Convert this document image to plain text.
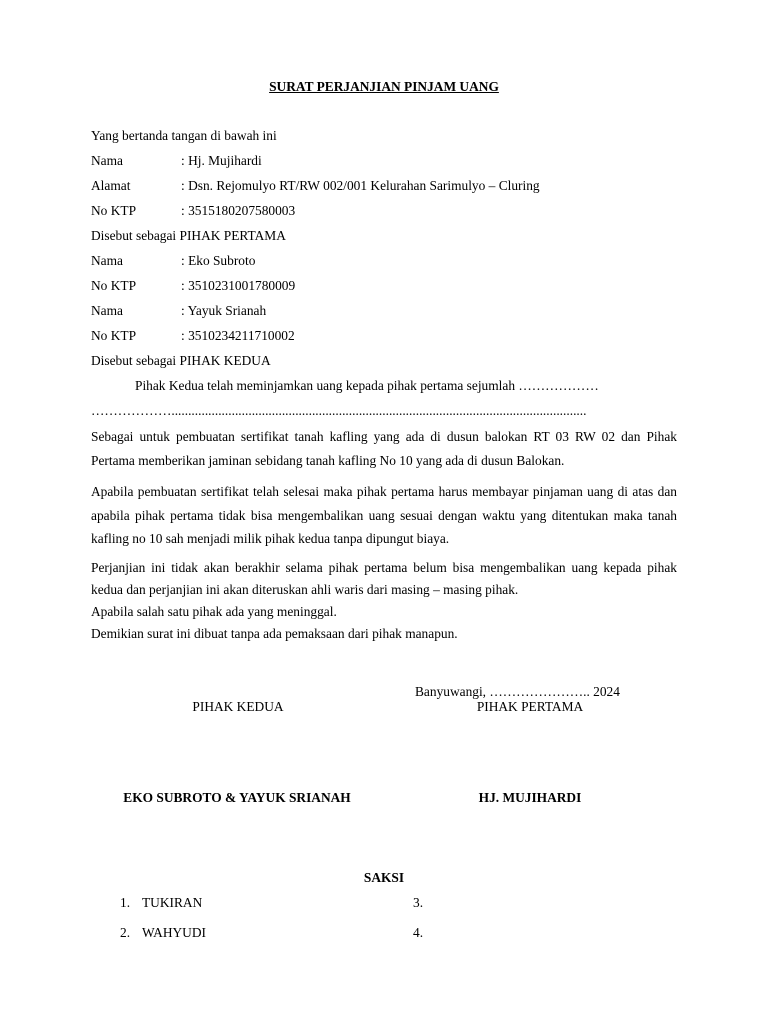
SURAT PERJANJIAN PINJAM UANG
Yang bertanda tangan di bawah ini
Nama	: Hj. Mujihardi
Alamat	: Dsn. Rejomulyo RT/RW 002/001 Kelurahan Sarimulyo – Cluring
No KTP	: 3515180207580003
Disebut sebagai PIHAK PERTAMA
Nama	: Eko Subroto
No KTP	: 3510231001780009
Nama	: Yayuk Srianah
No KTP	: 3510234211710002
Disebut sebagai PIHAK KEDUA
Pihak Kedua telah meminjamkan uang kepada pihak pertama sejumlah ………………
………………............................................................................................................................
Sebagai untuk pembuatan sertifikat tanah kafling yang ada di dusun balokan RT 03 RW 02 dan Pihak Pertama memberikan jaminan sebidang tanah kafling No 10 yang ada di dusun Balokan.
Apabila pembuatan sertifikat telah selesai maka pihak pertama harus membayar pinjaman uang di atas dan apabila pihak pertama tidak bisa mengembalikan uang sesuai dengan waktu yang ditentukan maka tanah kafling no 10 sah menjadi milik pihak kedua tanpa dipungut biaya.
Perjanjian ini tidak akan berakhir selama pihak pertama belum bisa mengembalikan uang kepada pihak kedua dan perjanjian ini akan diteruskan ahli waris dari masing – masing pihak.
Apabila salah satu pihak ada yang meninggal.
Demikian surat ini dibuat tanpa ada pemaksaan dari pihak manapun.
Banyuwangi, ………………….. 2024
PIHAK KEDUA	PIHAK PERTAMA
EKO SUBROTO & YAYUK SRIANAH	HJ. MUJIHARDI
SAKSI
1. TUKIRAN
2. WAHYUDI
3.
4.
